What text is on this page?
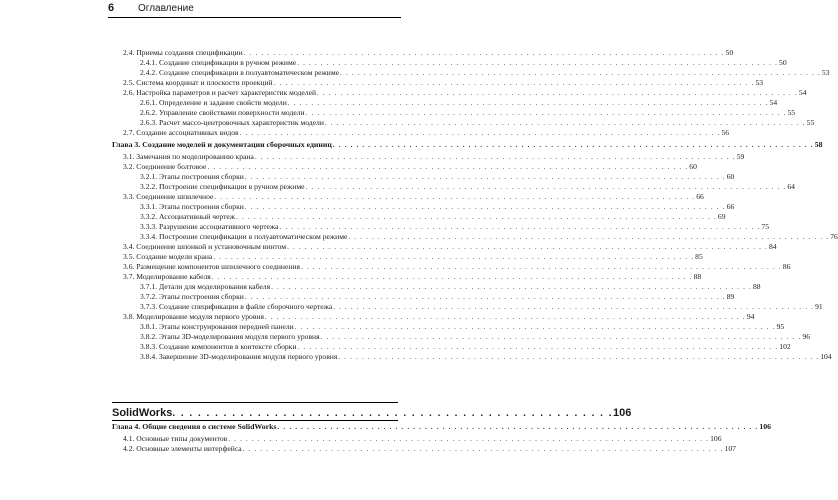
6 Оглавление
2.4. Приемы создания спецификации . . . . . . . . . . . . . . . . . . . . . . . . . . . . . . . . . . . . . . . . . . . . . . . . . . . . . . . . . . . . . . . . . . . . . . . . . . . . . . . . . . 50
2.4.1. Создание спецификации в ручном режиме . . . . . . . . . . . . . . . . . . . . . . . . . . . . . . . . . . . . . . . . . . . . . . . . . . . . . . . . . . . . . . . . . . . . . . . . . . . . . . . . . . 50
2.4.2. Создание спецификации в полуавтоматическом режиме . . . . . . . . . . . . . . . . . . . . . . . . . . . . . . . . . . . . . . . . . . . . . . . . . . . . . . . . . . . . . . . . . . . . . . . . . . . . . . . . . . 53
2.5. Система координат и плоскости проекций . . . . . . . . . . . . . . . . . . . . . . . . . . . . . . . . . . . . . . . . . . . . . . . . . . . . . . . . . . . . . . . . . . . . . . . . . . . . . . . . . . 53
2.6. Настройка параметров и расчет характеристик моделей . . . . . . . . . . . . . . . . . . . . . . . . . . . . . . . . . . . . . . . . . . . . . . . . . . . . . . . . . . . . . . . . . . . . . . . . . . . . . . . . . . 54
2.6.1. Определение и задание свойств модели . . . . . . . . . . . . . . . . . . . . . . . . . . . . . . . . . . . . . . . . . . . . . . . . . . . . . . . . . . . . . . . . . . . . . . . . . . . . . . . . . . 54
2.6.2. Управление свойствами поверхности модели . . . . . . . . . . . . . . . . . . . . . . . . . . . . . . . . . . . . . . . . . . . . . . . . . . . . . . . . . . . . . . . . . . . . . . . . . . . . . . . . . . 55
2.6.3. Расчет массо-центровочных характеристик модели . . . . . . . . . . . . . . . . . . . . . . . . . . . . . . . . . . . . . . . . . . . . . . . . . . . . . . . . . . . . . . . . . . . . . . . . . . . . . . . . . . 55
2.7. Создание ассоциативных видов . . . . . . . . . . . . . . . . . . . . . . . . . . . . . . . . . . . . . . . . . . . . . . . . . . . . . . . . . . . . . . . . . . . . . . . . . . . . . . . . . . 56
Глава 3. Создание моделей и документации сборочных единиц . . . . . . . . . . . . . . . . . . . . . . . . . . . . . . . . . . . . . . . . . . . . . . . . . . . . . . . . . . . . . . . . . . . . . . . . . . . . . . . . . . 58
3.1. Замечания по моделированию крана . . . . . . . . . . . . . . . . . . . . . . . . . . . . . . . . . . . . . . . . . . . . . . . . . . . . . . . . . . . . . . . . . . . . . . . . . . . . . . . . . . 59
3.2. Соединение болтовое . . . . . . . . . . . . . . . . . . . . . . . . . . . . . . . . . . . . . . . . . . . . . . . . . . . . . . . . . . . . . . . . . . . . . . . . . . . . . . . . . . 60
3.2.1. Этапы построения сборки . . . . . . . . . . . . . . . . . . . . . . . . . . . . . . . . . . . . . . . . . . . . . . . . . . . . . . . . . . . . . . . . . . . . . . . . . . . . . . . . . . 60
3.2.2. Построение спецификации в ручном режиме . . . . . . . . . . . . . . . . . . . . . . . . . . . . . . . . . . . . . . . . . . . . . . . . . . . . . . . . . . . . . . . . . . . . . . . . . . . . . . . . . . 64
3.3. Соединение шпилечное . . . . . . . . . . . . . . . . . . . . . . . . . . . . . . . . . . . . . . . . . . . . . . . . . . . . . . . . . . . . . . . . . . . . . . . . . . . . . . . . . . 66
3.3.1. Этапы построения сборки . . . . . . . . . . . . . . . . . . . . . . . . . . . . . . . . . . . . . . . . . . . . . . . . . . . . . . . . . . . . . . . . . . . . . . . . . . . . . . . . . . 66
3.3.2. Ассоциативный чертеж . . . . . . . . . . . . . . . . . . . . . . . . . . . . . . . . . . . . . . . . . . . . . . . . . . . . . . . . . . . . . . . . . . . . . . . . . . . . . . . . . . 69
3.3.3. Разрушение ассоциативного чертежа . . . . . . . . . . . . . . . . . . . . . . . . . . . . . . . . . . . . . . . . . . . . . . . . . . . . . . . . . . . . . . . . . . . . . . . . . . . . . . . . . . 75
3.3.4. Построение спецификации в полуавтоматическом режиме . . . . . . . . . . . . . . . . . . . . . . . . . . . . . . . . . . . . . . . . . . . . . . . . . . . . . . . . . . . . . . . . . . . . . . . . . . . . . . . . . . 76
3.4. Соединение шпонкой и установочным винтом . . . . . . . . . . . . . . . . . . . . . . . . . . . . . . . . . . . . . . . . . . . . . . . . . . . . . . . . . . . . . . . . . . . . . . . . . . . . . . . . . . 84
3.5. Создание модели крана . . . . . . . . . . . . . . . . . . . . . . . . . . . . . . . . . . . . . . . . . . . . . . . . . . . . . . . . . . . . . . . . . . . . . . . . . . . . . . . . . . 85
3.6. Размещение компонентов шпилечного соединения . . . . . . . . . . . . . . . . . . . . . . . . . . . . . . . . . . . . . . . . . . . . . . . . . . . . . . . . . . . . . . . . . . . . . . . . . . . . . . . . . . 86
3.7. Моделирование кабеля . . . . . . . . . . . . . . . . . . . . . . . . . . . . . . . . . . . . . . . . . . . . . . . . . . . . . . . . . . . . . . . . . . . . . . . . . . . . . . . . . . 88
3.7.1. Детали для моделирования кабеля . . . . . . . . . . . . . . . . . . . . . . . . . . . . . . . . . . . . . . . . . . . . . . . . . . . . . . . . . . . . . . . . . . . . . . . . . . . . . . . . . . 88
3.7.2. Этапы построения сборки . . . . . . . . . . . . . . . . . . . . . . . . . . . . . . . . . . . . . . . . . . . . . . . . . . . . . . . . . . . . . . . . . . . . . . . . . . . . . . . . . . 89
3.7.3. Создание спецификации в файле сборочного чертежа . . . . . . . . . . . . . . . . . . . . . . . . . . . . . . . . . . . . . . . . . . . . . . . . . . . . . . . . . . . . . . . . . . . . . . . . . . . . . . . . . . 91
3.8. Моделирование модуля первого уровня . . . . . . . . . . . . . . . . . . . . . . . . . . . . . . . . . . . . . . . . . . . . . . . . . . . . . . . . . . . . . . . . . . . . . . . . . . . . . . . . . . 94
3.8.1. Этапы конструирования передней панели . . . . . . . . . . . . . . . . . . . . . . . . . . . . . . . . . . . . . . . . . . . . . . . . . . . . . . . . . . . . . . . . . . . . . . . . . . . . . . . . . . 95
3.8.2. Этапы 3D-моделирования модуля первого уровня . . . . . . . . . . . . . . . . . . . . . . . . . . . . . . . . . . . . . . . . . . . . . . . . . . . . . . . . . . . . . . . . . . . . . . . . . . . . . . . . . . 96
3.8.3. Создание компонентов в контексте сборки . . . . . . . . . . . . . . . . . . . . . . . . . . . . . . . . . . . . . . . . . . . . . . . . . . . . . . . . . . . . . . . . . . . . . . . . . . . . . . . . . . 102
3.8.4. Завершение 3D-моделирования модуля первого уровня . . . . . . . . . . . . . . . . . . . . . . . . . . . . . . . . . . . . . . . . . . . . . . . . . . . . . . . . . . . . . . . . . . . . . . . . . . . . . . . . . . 104
SolidWorks . . . . . . . . . . . . . . . . . . . . . . . . . . . . . . . . . . . . . . . . . . . . . . . . . . . . 106
Глава 4. Общие сведения о системе SolidWorks . . . . . . . . . . . . . . . . . . . . . . . . . . . . . . . . . . . . . . . . . . . . . . . . . . . . . . . . . . . . . . . . . . . . . . . . . . . . . . . . . . 106
4.1. Основные типы документов . . . . . . . . . . . . . . . . . . . . . . . . . . . . . . . . . . . . . . . . . . . . . . . . . . . . . . . . . . . . . . . . . . . . . . . . . . . . . . . . . . 106
4.2. Основные элементы интерфейса . . . . . . . . . . . . . . . . . . . . . . . . . . . . . . . . . . . . . . . . . . . . . . . . . . . . . . . . . . . . . . . . . . . . . . . . . . . . . . . . . . 107
